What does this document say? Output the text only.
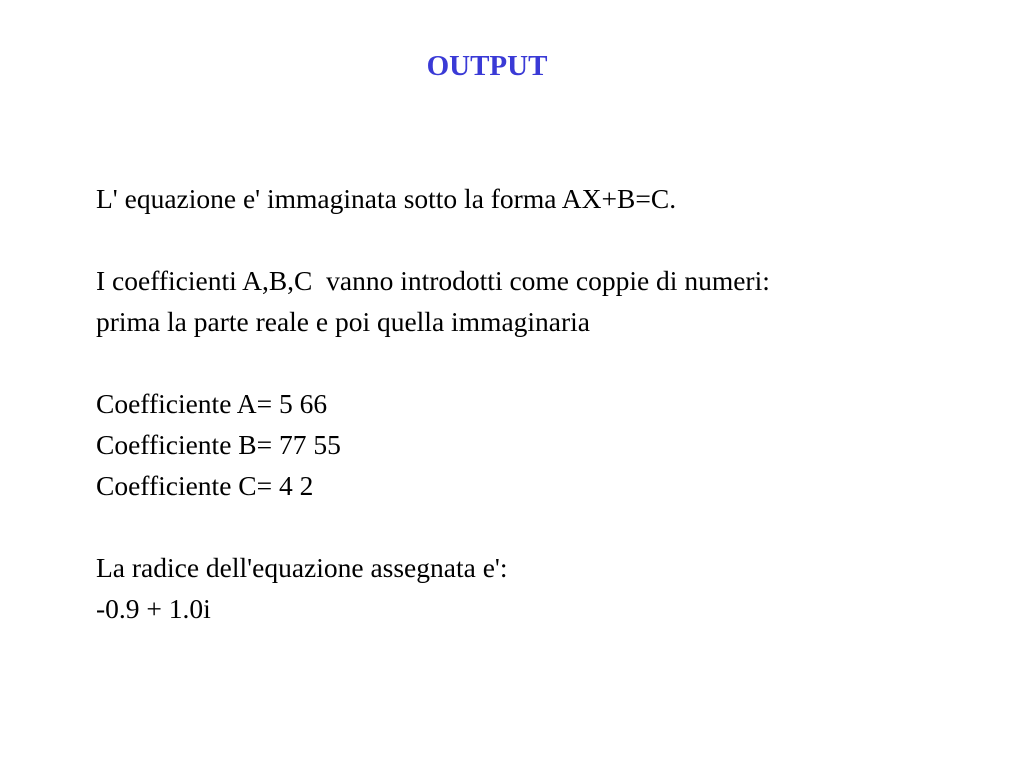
OUTPUT
L' equazione e' immaginata sotto la forma AX+B=C.
I coefficienti A,B,C  vanno introdotti come coppie di numeri:
prima la parte reale e poi quella immaginaria
Coefficiente A= 5 66
Coefficiente B= 77 55
Coefficiente C= 4 2
La radice dell'equazione assegnata e':
-0.9 + 1.0i
